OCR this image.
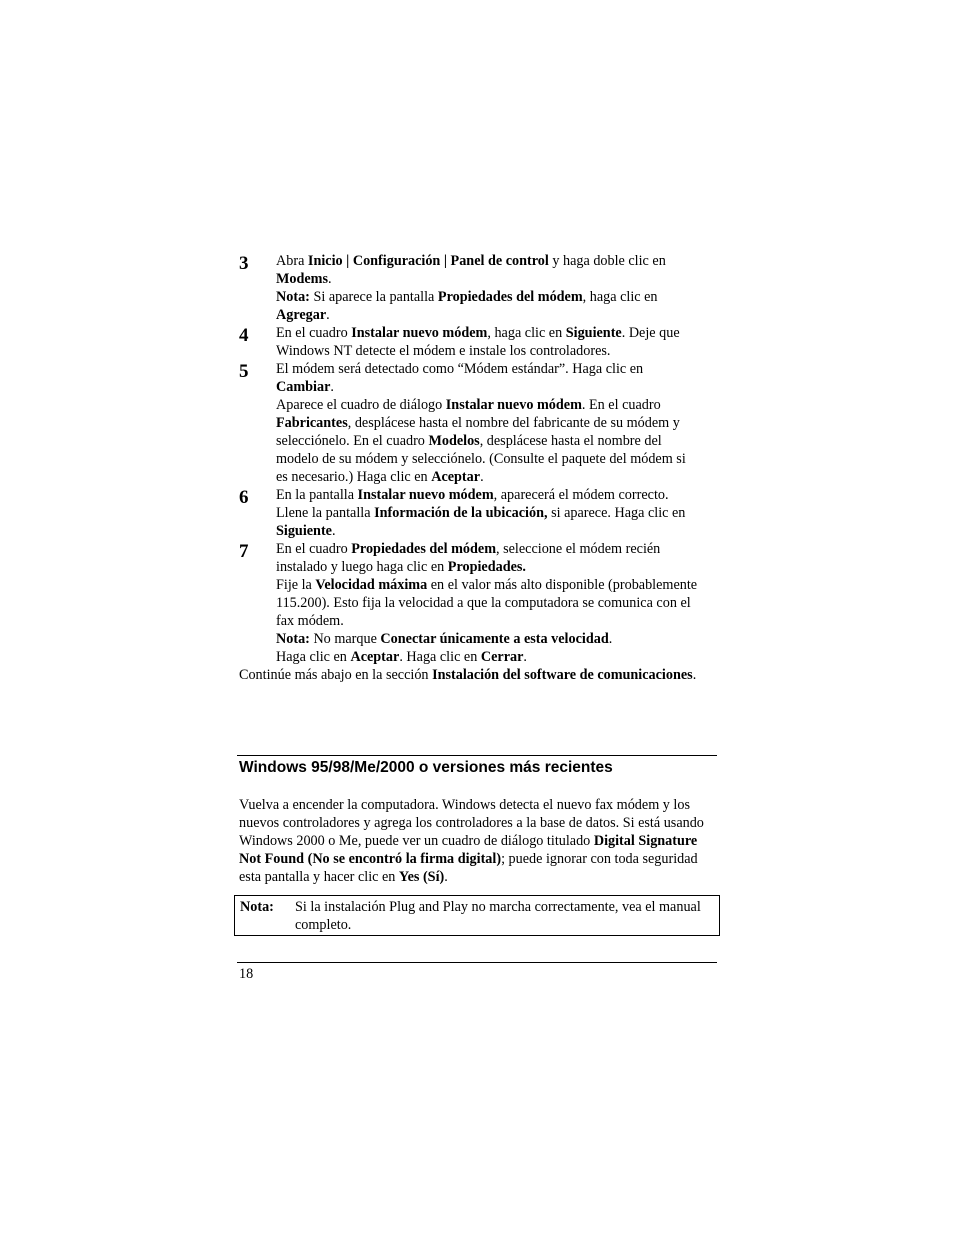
3 Abra Inicio | Configuración | Panel de control y haga doble clic en Modems.

Nota: Si aparece la pantalla Propiedades del módem, haga clic en Agregar.

4 En el cuadro Instalar nuevo módem, haga clic en Siguiente. Deje que Windows NT detecte el módem e instale los controladores.

5 El módem será detectado como “Módem estándar”. Haga clic en Cambiar.

Aparece el cuadro de diálogo Instalar nuevo módem. En el cuadro Fabricantes, desplácese hasta el nombre del fabricante de su módem y selecciónelo. En el cuadro Modelos, desplácese hasta el nombre del modelo de su módem y selecciónelo. (Consulte el paquete del módem si es necesario.) Haga clic en Aceptar.

6 En la pantalla Instalar nuevo módem, aparecerá el módem correcto. Llene la pantalla Información de la ubicación, si aparece. Haga clic en Siguiente.

7 En el cuadro Propiedades del módem, seleccione el módem recién instalado y luego haga clic en Propiedades.

Fije la Velocidad máxima en el valor más alto disponible (probablemente 115.200). Esto fija la velocidad a que la computadora se comunica con el fax módem.

Nota: No marque Conectar únicamente a esta velocidad.

Haga clic en Aceptar. Haga clic en Cerrar.

Continúe más abajo en la sección Instalación del software de comunicaciones.

Windows 95/98/Me/2000 o versiones más recientes

Vuelva a encender la computadora. Windows detecta el nuevo fax módem y los nuevos controladores y agrega los controladores a la base de datos. Si está usando Windows 2000 o Me, puede ver un cuadro de diálogo titulado Digital Signature Not Found (No se encontró la firma digital); puede ignorar con toda seguridad esta pantalla y hacer clic en Yes (Sí).

Nota: Si la instalación Plug and Play no marcha correctamente, vea el manual completo.
18
